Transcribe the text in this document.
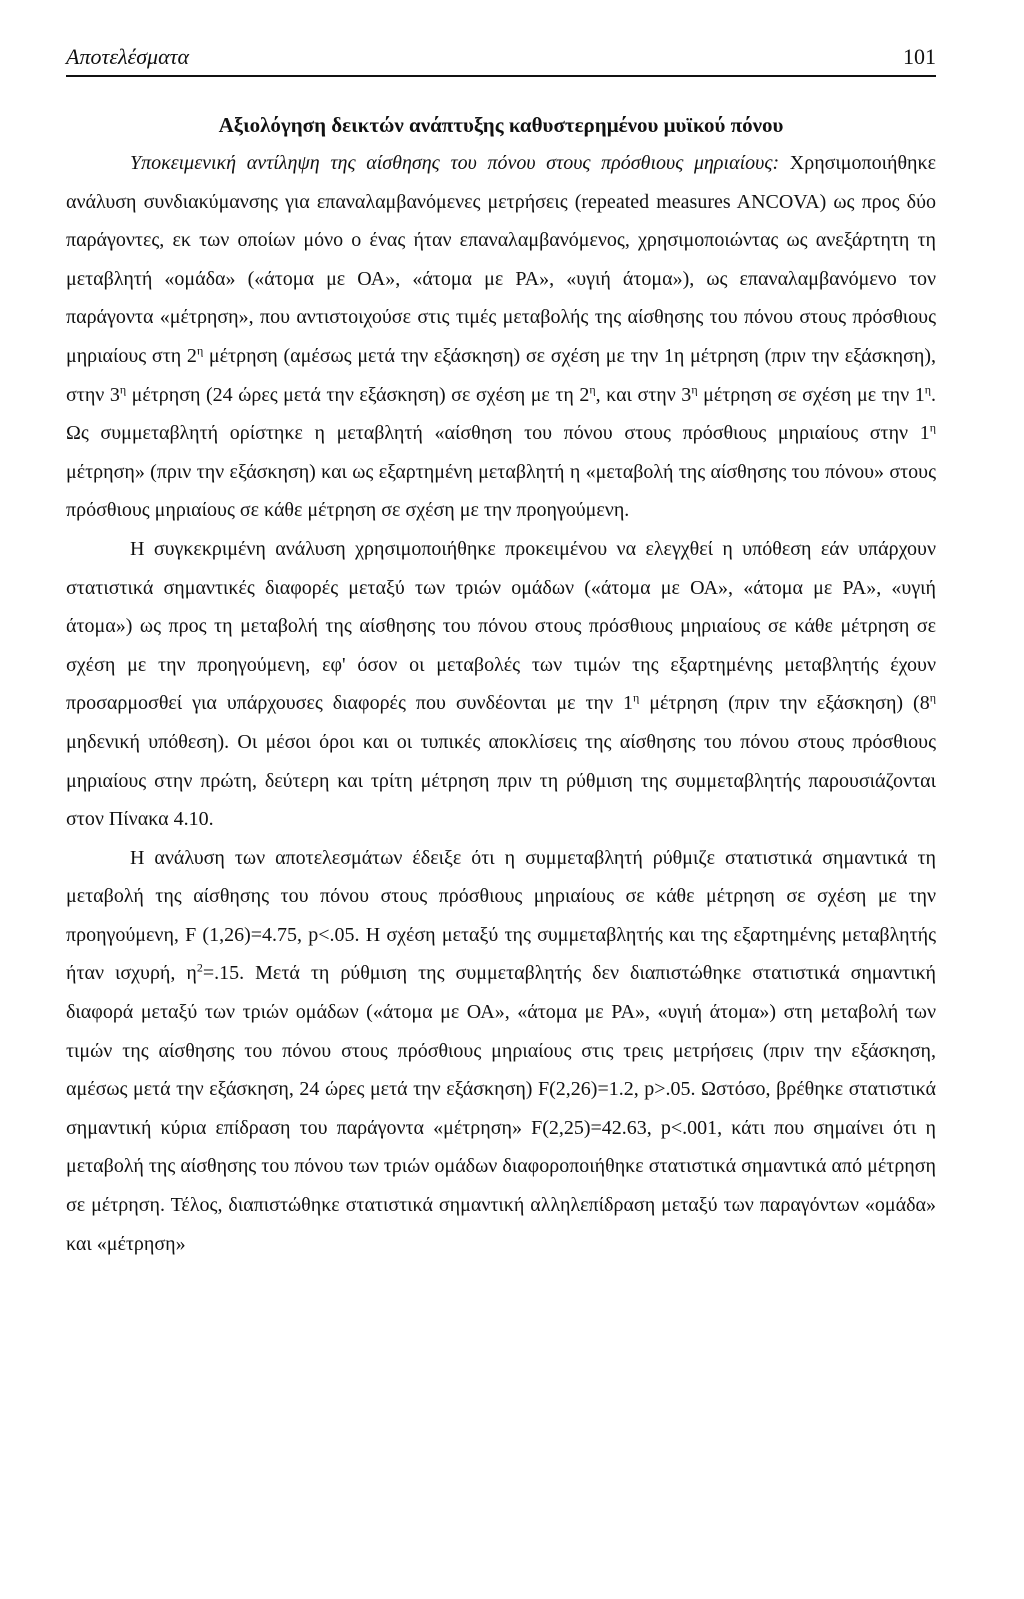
Αποτελέσματα	101

Αξιολόγηση δεικτών ανάπτυξης καθυστερημένου μυϊκού πόνου

Υποκειμενική αντίληψη της αίσθησης του πόνου στους πρόσθιους μηριαίους: Χρησιμοποιήθηκε ανάλυση συνδιακύμανσης για επαναλαμβανόμενες μετρήσεις (repeated measures ANCOVA) ως προς δύο παράγοντες, εκ των οποίων μόνο ο ένας ήταν επαναλαμβανόμενος, χρησιμοποιώντας ως ανεξάρτητη τη μεταβλητή «ομάδα» («άτομα με ΟΑ», «άτομα με ΡΑ», «υγιή άτομα»), ως επαναλαμβανόμενο τον παράγοντα «μέτρηση», που αντιστοιχούσε στις τιμές μεταβολής της αίσθησης του πόνου στους πρόσθιους μηριαίους στη $2^\eta$ μέτρηση (αμέσως μετά την εξάσκηση) σε σχέση με την 1η μέτρηση (πριν την εξάσκηση), στην $3^\eta$ μέτρηση (24 ώρες μετά την εξάσκηση) σε σχέση με τη $2^\eta$, και στην $3^\eta$ μέτρηση σε σχέση με την $1^\eta$. Ως συμμεταβλητή ορίστηκε η μεταβλητή «αίσθηση του πόνου στους πρόσθιους μηριαίους στην $1^\eta$ μέτρηση» (πριν την εξάσκηση) και ως εξαρτημένη μεταβλητή η «μεταβολή της αίσθησης του πόνου» στους πρόσθιους μηριαίους σε κάθε μέτρηση σε σχέση με την προηγούμενη.

Η συγκεκριμένη ανάλυση χρησιμοποιήθηκε προκειμένου να ελεγχθεί η υπόθεση εάν υπάρχουν στατιστικά σημαντικές διαφορές μεταξύ των τριών ομάδων («άτομα με ΟΑ», «άτομα με ΡΑ», «υγιή άτομα») ως προς τη μεταβολή της αίσθησης του πόνου στους πρόσθιους μηριαίους σε κάθε μέτρηση σε σχέση με την προηγούμενη, εφ' όσον οι μεταβολές των τιμών της εξαρτημένης μεταβλητής έχουν προσαρμοσθεί για υπάρχουσες διαφορές που συνδέονται με την $1^\eta$ μέτρηση (πριν την εξάσκηση) ($8^\eta$ μηδενική υπόθεση). Οι μέσοι όροι και οι τυπικές αποκλίσεις της αίσθησης του πόνου στους πρόσθιους μηριαίους στην πρώτη, δεύτερη και τρίτη μέτρηση πριν τη ρύθμιση της συμμεταβλητής παρουσιάζονται στον Πίνακα 4.10.

Η ανάλυση των αποτελεσμάτων έδειξε ότι η συμμεταβλητή ρύθμιζε στατιστικά σημαντικά τη μεταβολή της αίσθησης του πόνου στους πρόσθιους μηριαίους σε κάθε μέτρηση σε σχέση με την προηγούμενη, F (1,26)=4.75, p<.05. Η σχέση μεταξύ της συμμεταβλητής και της εξαρτημένης μεταβλητής ήταν ισχυρή, $\eta^2=.15$. Μετά τη ρύθμιση της συμμεταβλητής δεν διαπιστώθηκε στατιστικά σημαντική διαφορά μεταξύ των τριών ομάδων («άτομα με ΟΑ», «άτομα με ΡΑ», «υγιή άτομα») στη μεταβολή των τιμών της αίσθησης του πόνου στους πρόσθιους μηριαίους στις τρεις μετρήσεις (πριν την εξάσκηση, αμέσως μετά την εξάσκηση, 24 ώρες μετά την εξάσκηση) F(2,26)=1.2, p>.05. Ωστόσο, βρέθηκε στατιστικά σημαντική κύρια επίδραση του παράγοντα «μέτρηση» F(2,25)=42.63, p<.001, κάτι που σημαίνει ότι η μεταβολή της αίσθησης του πόνου των τριών ομάδων διαφοροποιήθηκε στατιστικά σημαντικά από μέτρηση σε μέτρηση. Τέλος, διαπιστώθηκε στατιστικά σημαντική αλληλεπίδραση μεταξύ των παραγόντων «ομάδα» και «μέτρηση»
